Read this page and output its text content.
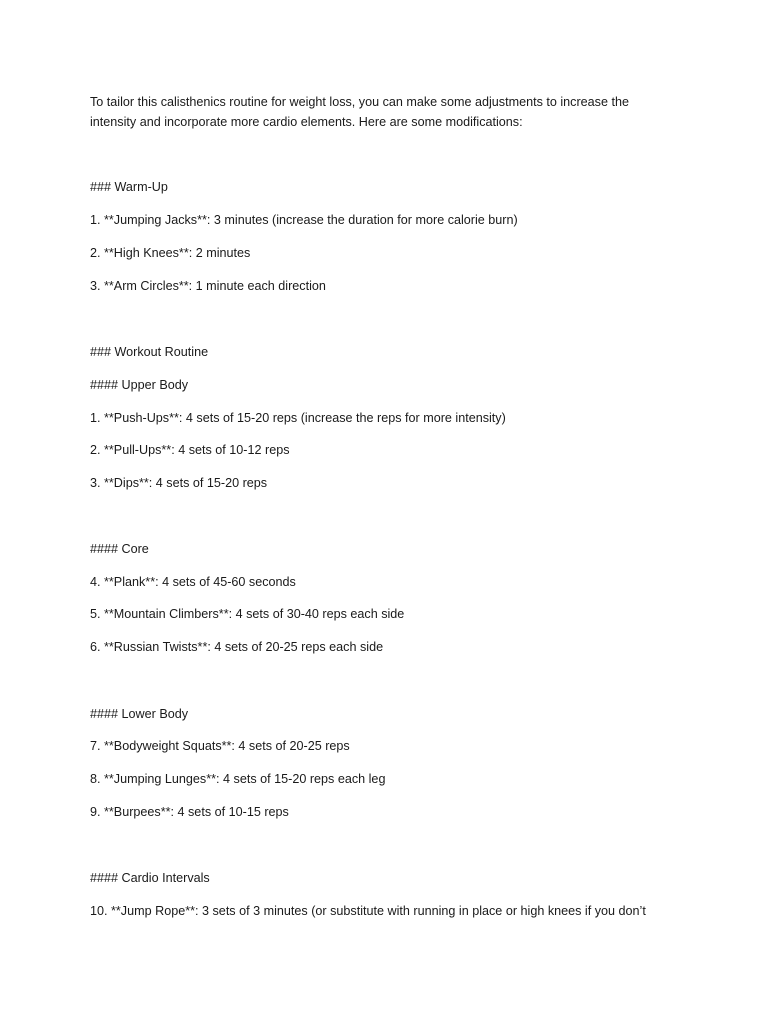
To tailor this calisthenics routine for weight loss, you can make some adjustments to increase the intensity and incorporate more cardio elements. Here are some modifications:

### Warm-Up

1. **Jumping Jacks**: 3 minutes (increase the duration for more calorie burn)

2. **High Knees**: 2 minutes

3. **Arm Circles**: 1 minute each direction

### Workout Routine

#### Upper Body

1. **Push-Ups**: 4 sets of 15-20 reps (increase the reps for more intensity)

2. **Pull-Ups**: 4 sets of 10-12 reps

3. **Dips**: 4 sets of 15-20 reps

#### Core

4. **Plank**: 4 sets of 45-60 seconds

5. **Mountain Climbers**: 4 sets of 30-40 reps each side

6. **Russian Twists**: 4 sets of 20-25 reps each side

#### Lower Body

7. **Bodyweight Squats**: 4 sets of 20-25 reps

8. **Jumping Lunges**: 4 sets of 15-20 reps each leg

9. **Burpees**: 4 sets of 10-15 reps

#### Cardio Intervals

10. **Jump Rope**: 3 sets of 3 minutes (or substitute with running in place or high knees if you don’t
